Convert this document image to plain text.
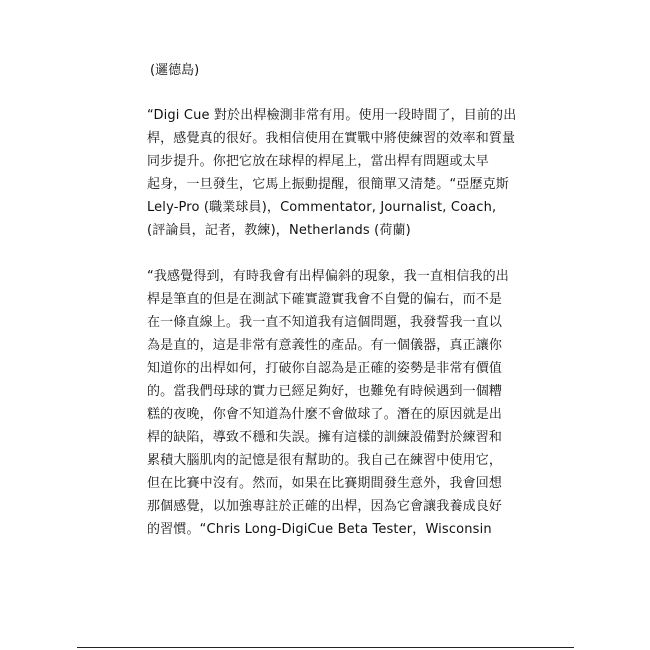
(邏德島)
“Digi Cue 對於出桿檢測非常有用。使用一段時間了，目前的出
桿，感覺真的很好。我相信使用在實戰中將使練習的效率和質量
同步提升。你把它放在球桿的桿尾上，當出桿有問題或太早
起身，一旦發生，它馬上振動提醒，很簡單又清楚。“亞歷克斯
Lely-Pro (職業球員)，Commentator, Journalist, Coach,
(評論員，記者，教練)，Netherlands (荷蘭)
“我感覺得到，有時我會有出桿偏斜的現象，我一直相信我的出
桿是筆直的但是在測試下確實證實我會不自覺的偏右，而不是
在一條直線上。我一直不知道我有這個問題，我發誓我一直以
為是直的，這是非常有意義性的產品。有一個儀器，真正讓你
知道你的出桿如何，打破你自認為是正確的姿勢是非常有價值
的。當我們母球的實力已經足夠好，也難免有時候遇到一個糟
糕的夜晚，你會不知道為什麼不會做球了。潛在的原因就是出
桿的缺陷，導致不穩和失誤。擁有這樣的訓練設備對於練習和
累積大腦肌肉的記憶是很有幫助的。我自己在練習中使用它，
但在比賽中沒有。然而，如果在比賽期間發生意外，我會回想
那個感覺，以加強專註於正確的出桿，因為它會讓我養成良好
的習慣。“Chris Long-DigiCue Beta Tester，Wisconsin
